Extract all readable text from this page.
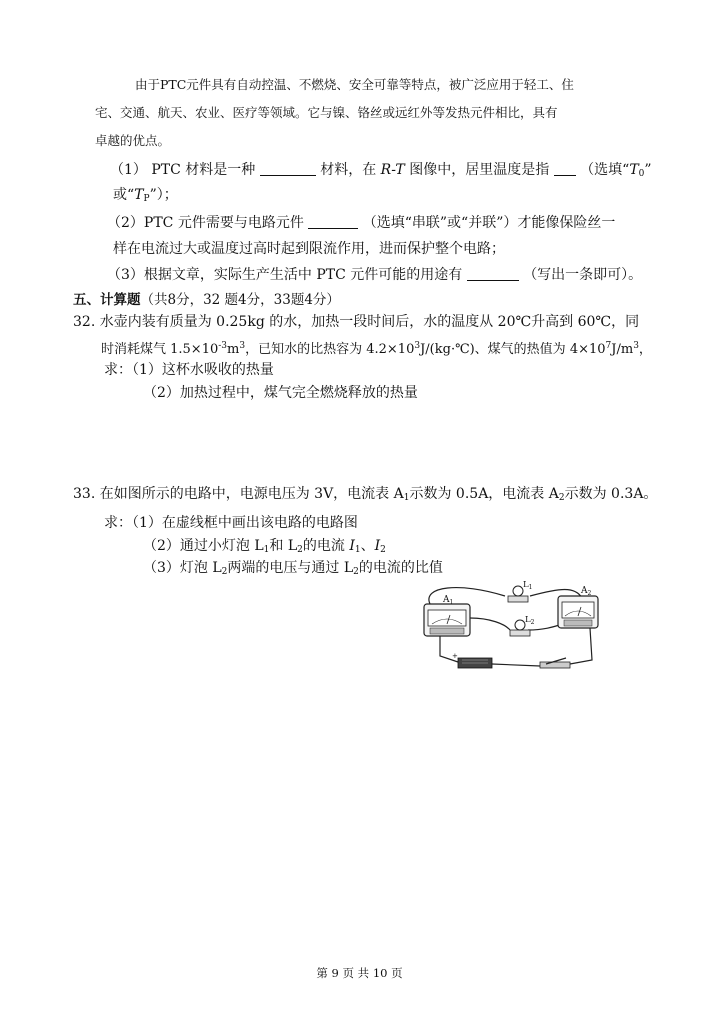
由于PTC元件具有自动控温、不燃烧、安全可靠等特点，被广泛应用于轻工、住
宅、交通、航天、农业、医疗等领域。它与镍、铬丝或远红外等发热元件相比，具有
卓越的优点。
（1） PTC 材料是一种	材料，在 R-T 图像中，居里温度是指 （选填“$T_0$”
或“$T_P$”）；
（2）PTC 元件需要与电路元件	（选填“串联”或“并联”）才能像保险丝一
样在电流过大或温度过高时起到限流作用，进而保护整个电路；
（3）根据文章，实际生产生活中 PTC 元件可能的用途有	（写出一条即可）。
五、计算题（共8分，32 题4分，33题4分）
32. 水壶内装有质量为 0.25kg 的水，加热一段时间后，水的温度从 20℃升高到 60℃，同
时消耗煤气 $1.5\times 10^{-3}m^3$，已知水的比热容为 $4.2\times 10^3J/(kg\cdot℃)$、煤气的热值为 $4\times 10^7J/m^3$，
求：（1）这杯水吸收的热量
（2）加热过程中，煤气完全燃烧释放的热量
33. 在如图所示的电路中，电源电压为 3V，电流表 $A_1$示数为 0.5A，电流表 $A_2$示数为 0.3A。
求：（1）在虚线框中画出该电路的电路图
（2）通过小灯泡 $L_1$和 $L_2$的电流 $I_1$、$I_2$
（3）灯泡 $L_2$两端的电压与通过 $L_2$的电流的比值
$A_1$
$A_2$
$L_1$
$L_2$
+
第 9 页 共 10 页
